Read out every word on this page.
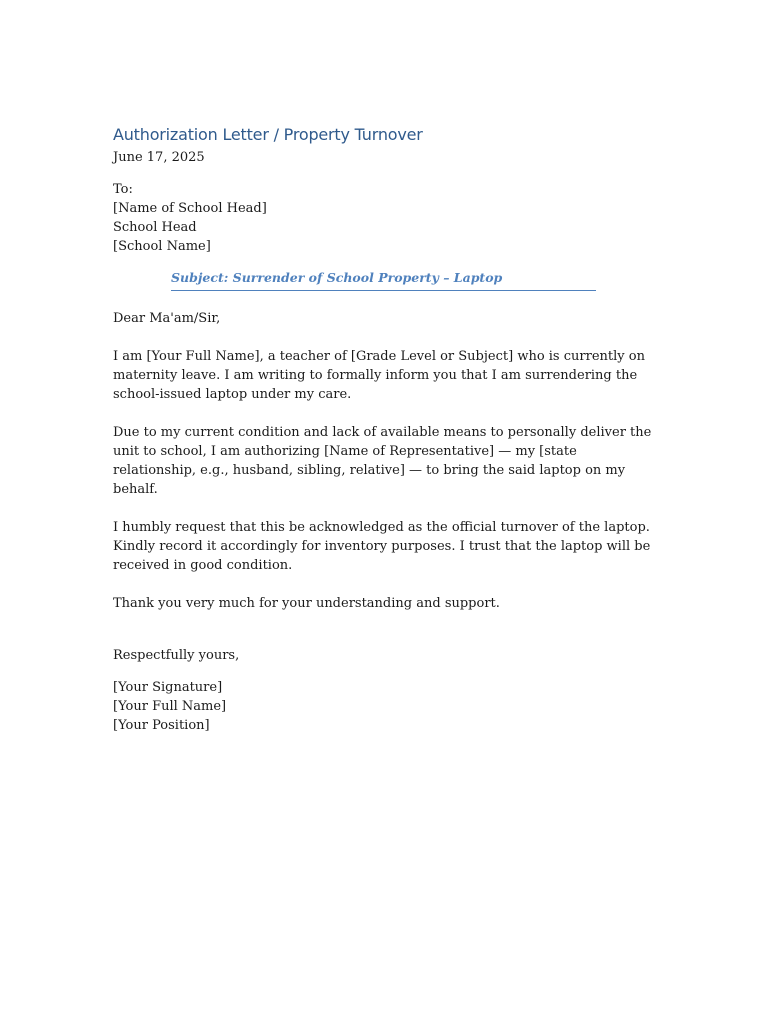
Authorization Letter / Property Turnover
June 17, 2025
To:
[Name of School Head]
School Head
[School Name]
Subject: Surrender of School Property – Laptop
Dear Ma'am/Sir,
I am [Your Full Name], a teacher of [Grade Level or Subject] who is currently on maternity leave. I am writing to formally inform you that I am surrendering the school-issued laptop under my care.
Due to my current condition and lack of available means to personally deliver the unit to school, I am authorizing [Name of Representative] — my [state relationship, e.g., husband, sibling, relative] — to bring the said laptop on my behalf.
I humbly request that this be acknowledged as the official turnover of the laptop. Kindly record it accordingly for inventory purposes. I trust that the laptop will be received in good condition.
Thank you very much for your understanding and support.
Respectfully yours,
[Your Signature]
[Your Full Name]
[Your Position]
